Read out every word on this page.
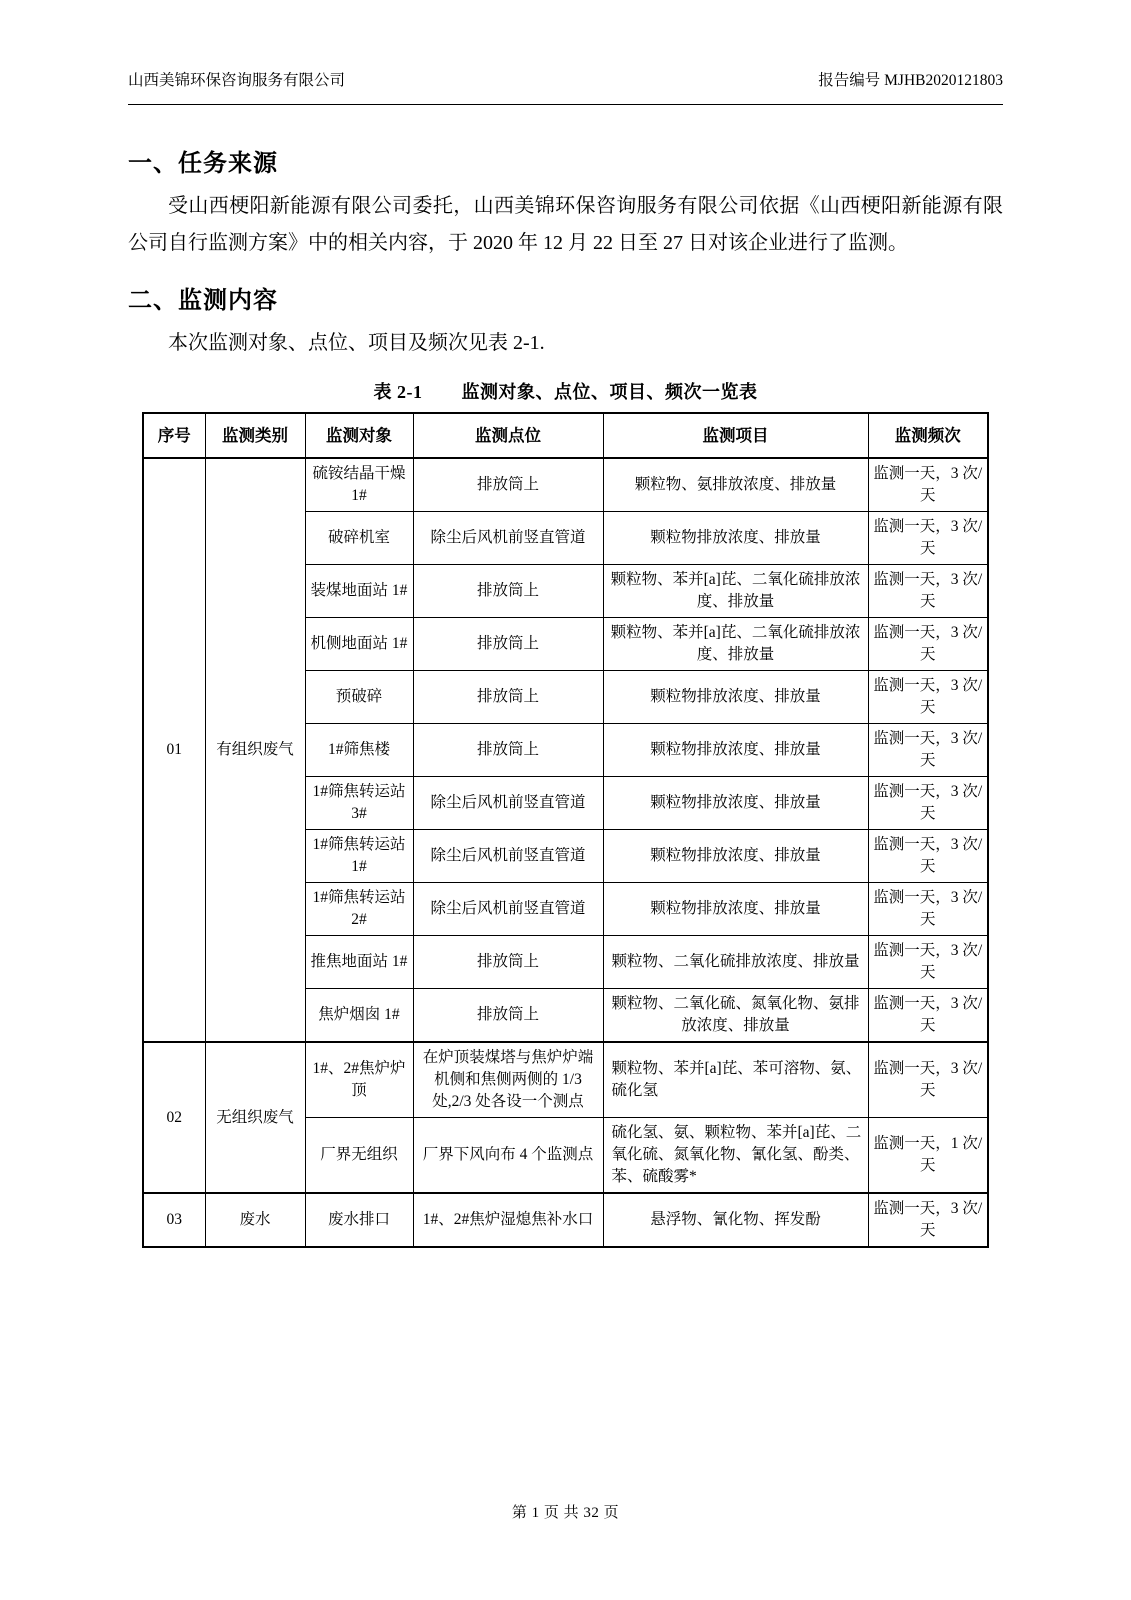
山西美锦环保咨询服务有限公司	报告编号 MJHB2020121803
一、任务来源

受山西梗阳新能源有限公司委托，山西美锦环保咨询服务有限公司依据《山西梗阳新能源有限公司自行监测方案》中的相关内容，于 2020 年 12 月 22 日至 27 日对该企业进行了监测。

二、监测内容

本次监测对象、点位、项目及频次见表 2-1.

表 2-1 监测对象、点位、项目、频次一览表
序号	监测类别	监测对象	监测点位	监测项目	监测频次
01	有组织废气	硫铵结晶干燥 1#	排放筒上	颗粒物、氨排放浓度、排放量	监测一天，3 次/天
		破碎机室	除尘后风机前竖直管道	颗粒物排放浓度、排放量	监测一天，3 次/天
		装煤地面站 1#	排放筒上	颗粒物、苯并[a]芘、二氧化硫排放浓度、排放量	监测一天，3 次/天
		机侧地面站 1#	排放筒上	颗粒物、苯并[a]芘、二氧化硫排放浓度、排放量	监测一天，3 次/天
		预破碎	排放筒上	颗粒物排放浓度、排放量	监测一天，3 次/天
		1#筛焦楼	排放筒上	颗粒物排放浓度、排放量	监测一天，3 次/天
		1#筛焦转运站 3#	除尘后风机前竖直管道	颗粒物排放浓度、排放量	监测一天，3 次/天
		1#筛焦转运站 1#	除尘后风机前竖直管道	颗粒物排放浓度、排放量	监测一天，3 次/天
		1#筛焦转运站 2#	除尘后风机前竖直管道	颗粒物排放浓度、排放量	监测一天，3 次/天
		推焦地面站 1#	排放筒上	颗粒物、二氧化硫排放浓度、排放量	监测一天，3 次/天
		焦炉烟囱 1#	排放筒上	颗粒物、二氧化硫、氮氧化物、氨排放浓度、排放量	监测一天，3 次/天
02	无组织废气	1#、2#焦炉炉顶	在炉顶装煤塔与焦炉炉端机侧和焦侧两侧的 1/3 处,2/3 处各设一个测点	颗粒物、苯并[a]芘、苯可溶物、氨、硫化氢	监测一天，3 次/天
		厂界无组织	厂界下风向布 4 个监测点	硫化氢、氨、颗粒物、苯并[a]芘、二氧化硫、氮氧化物、氰化氢、酚类、苯、硫酸雾*	监测一天，1 次/天
03	废水	废水排口	1#、2#焦炉湿熄焦补水口	悬浮物、氰化物、挥发酚	监测一天，3 次/天
第 1 页 共 32 页
